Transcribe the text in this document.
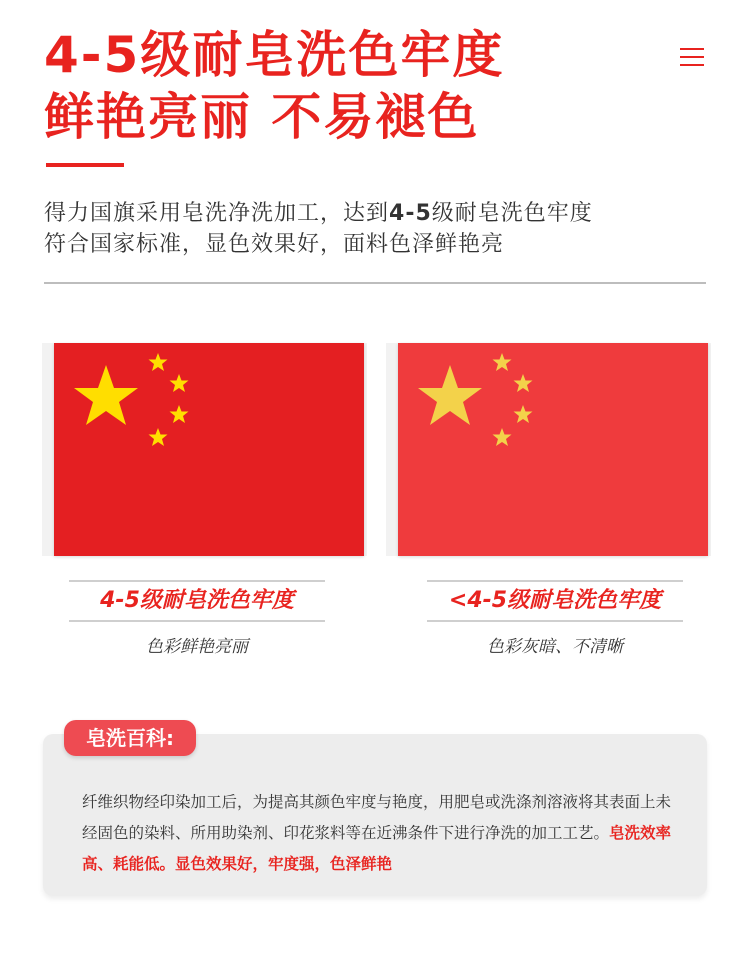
4-5级耐皂洗色牢度
鲜艳亮丽 不易褪色
得力国旗采用皂洗净洗加工，达到4-5级耐皂洗色牢度
符合国家标准，显色效果好，面料色泽鲜艳亮
4-5级耐皂洗色牢度
色彩鲜艳亮丽
<4-5级耐皂洗色牢度
色彩灰暗、不清晰
皂洗百科:
纤维织物经印染加工后，为提高其颜色牢度与艳度，用肥皂或洗涤剂溶液将其表面上未经固色的染料、所用助染剂、印花浆料等在近沸条件下进行净洗的加工工艺。皂洗效率高、耗能低。显色效果好，牢度强，色泽鲜艳
